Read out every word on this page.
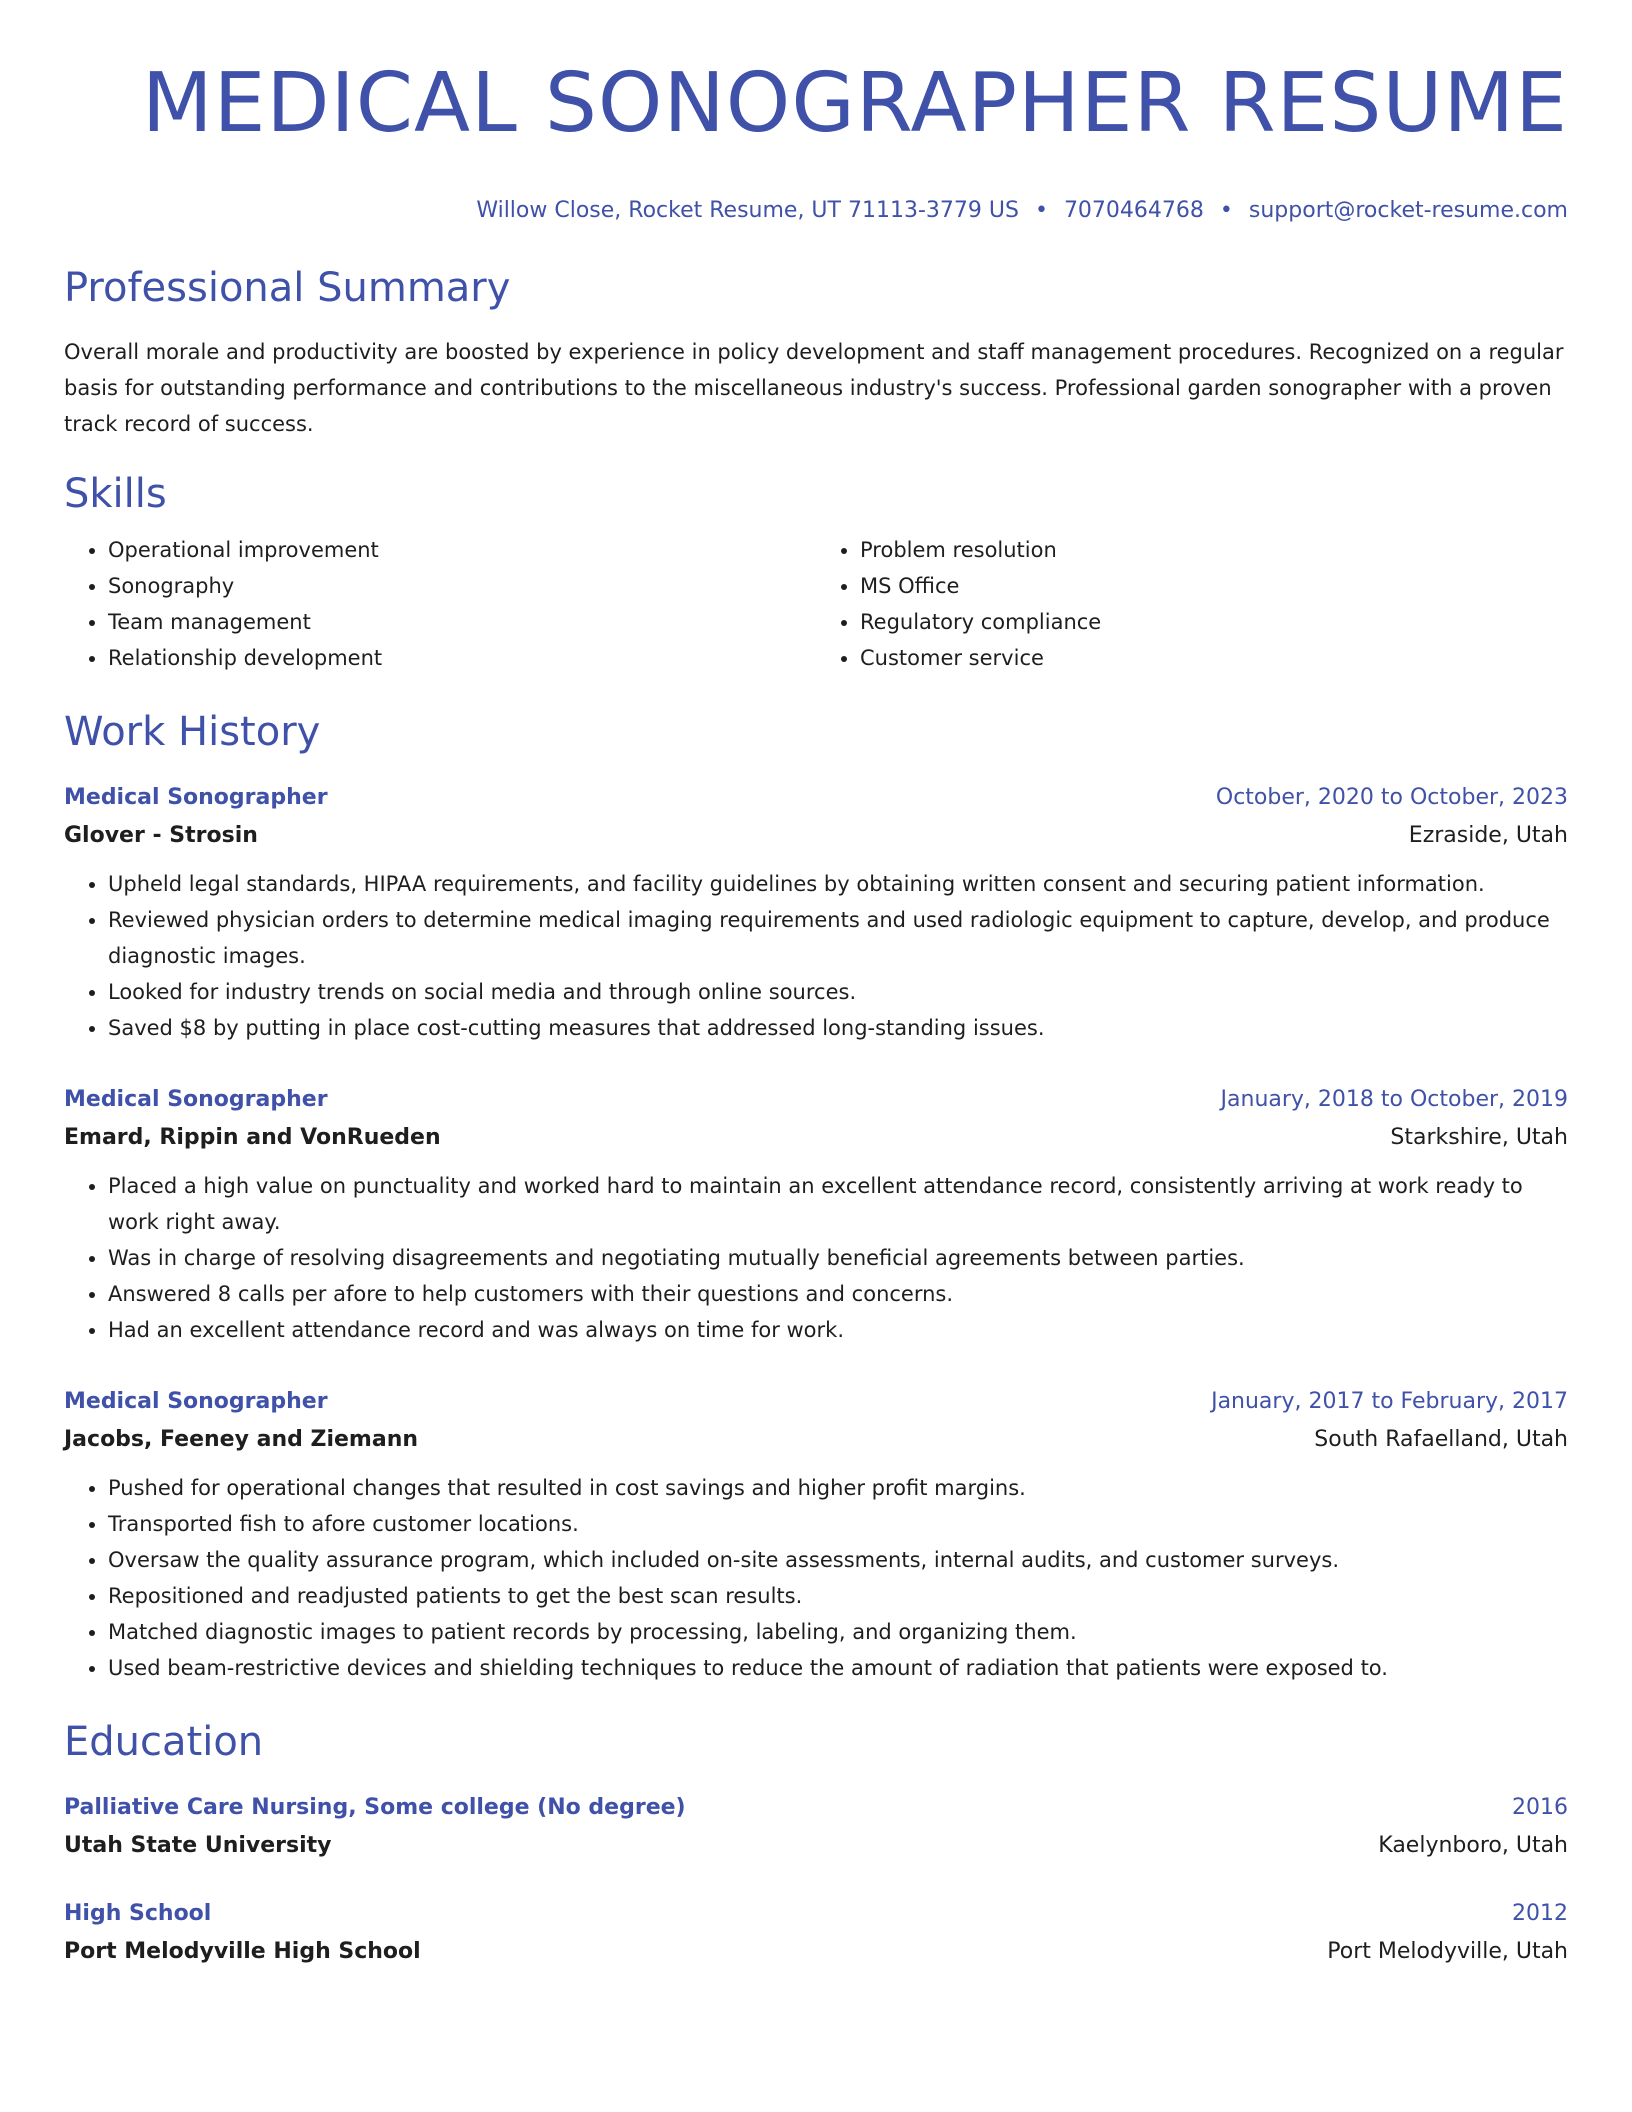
MEDICAL SONOGRAPHER RESUME
Willow Close, Rocket Resume, UT 71113-3779 US • 7070464768 • support@rocket-resume.com
Professional Summary

Overall morale and productivity are boosted by experience in policy development and staff management procedures. Recognized on a regular basis for outstanding performance and contributions to the miscellaneous industry's success. Professional garden sonographer with a proven track record of success.

Skills
• Operational improvement
• Sonography
• Team management
• Relationship development
• Problem resolution
• MS Office
• Regulatory compliance
• Customer service
Work History
Medical Sonographer	October, 2020 to October, 2023
Glover - Strosin	Ezraside, Utah
• Upheld legal standards, HIPAA requirements, and facility guidelines by obtaining written consent and securing patient information.
• Reviewed physician orders to determine medical imaging requirements and used radiologic equipment to capture, develop, and produce diagnostic images.
• Looked for industry trends on social media and through online sources.
• Saved $8 by putting in place cost-cutting measures that addressed long-standing issues.
Medical Sonographer	January, 2018 to October, 2019
Emard, Rippin and VonRueden	Starkshire, Utah
• Placed a high value on punctuality and worked hard to maintain an excellent attendance record, consistently arriving at work ready to work right away.
• Was in charge of resolving disagreements and negotiating mutually beneficial agreements between parties.
• Answered 8 calls per afore to help customers with their questions and concerns.
• Had an excellent attendance record and was always on time for work.
Medical Sonographer	January, 2017 to February, 2017
Jacobs, Feeney and Ziemann	South Rafaelland, Utah
• Pushed for operational changes that resulted in cost savings and higher profit margins.
• Transported fish to afore customer locations.
• Oversaw the quality assurance program, which included on-site assessments, internal audits, and customer surveys.
• Repositioned and readjusted patients to get the best scan results.
• Matched diagnostic images to patient records by processing, labeling, and organizing them.
• Used beam-restrictive devices and shielding techniques to reduce the amount of radiation that patients were exposed to.
Education
Palliative Care Nursing, Some college (No degree)	2016
Utah State University	Kaelynboro, Utah
High School	2012
Port Melodyville High School	Port Melodyville, Utah
